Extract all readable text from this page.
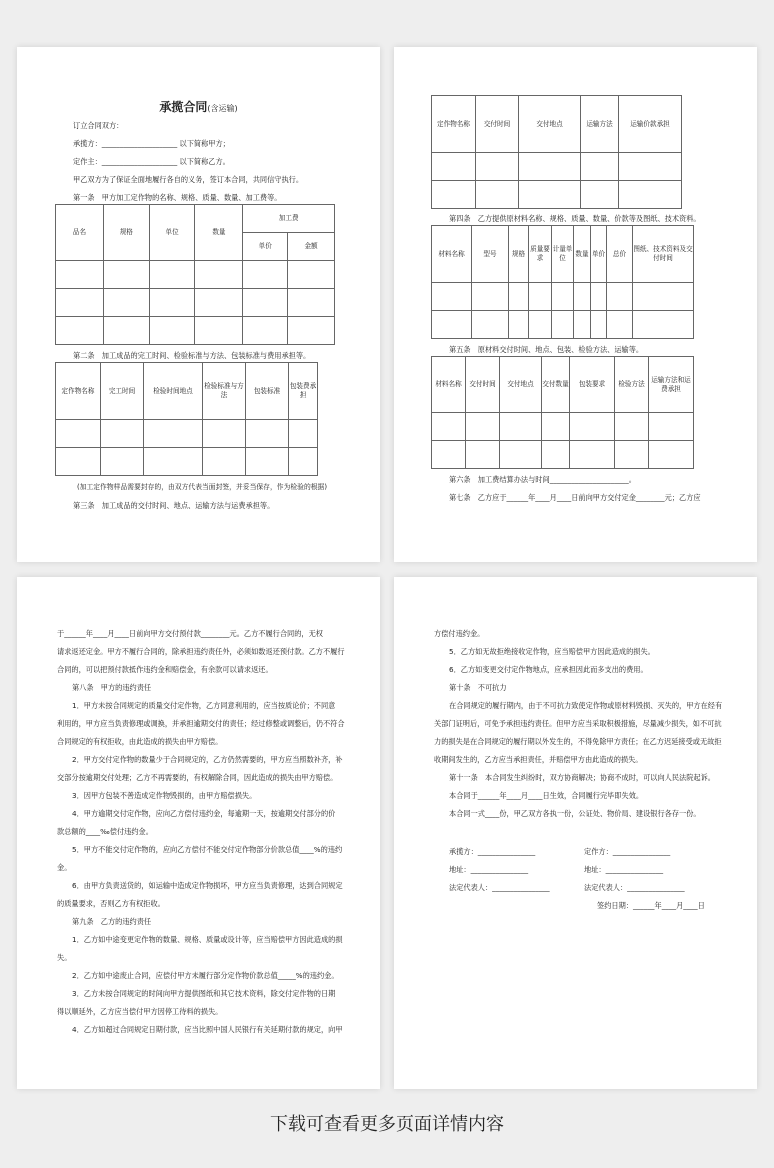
承揽合同(含运输)
订立合同双方：
承揽方：_____________________ 以下简称甲方；
定作主：_____________________ 以下简称乙方。
甲乙双方为了保证全面地履行各自的义务，签订本合同，共同信守执行。
第一条　甲方加工定作物的名称、规格、质量、数量、加工费等。
品名	规格	单位	数量	加工费	
				单价	金额

第二条　加工成品的完工时间、检验标准与方法、包装标准与费用承担等。
定作物名称	完工时间	检验时间地点	检验标准与方法	包装标准	包装费承担

(加工定作物样品需要封存的，由双方代表当面封签，并妥当保存，作为检验的根据)
第三条　加工成品的交付时间、地点、运输方法与运费承担等。
定作物名称	交付时间	交付地点	运输方法	运输价款承担

第四条　乙方提供原材料名称、规格、质量、数量、价款等及图纸、技术资料。
材料名称	型号	规格	质量要求	计量单位	数量	单价	总价	图纸、技术资料及交付时间

第五条　原材料交付时间、地点、包装、检验方法、运输等。
材料名称	交付时间	交付地点	交付数量	包装要求	检验方法	运输方法和运费承担

第六条　加工费结算办法与时间______________________。
第七条　乙方应于______年____月____日前向甲方交付定金________元；乙方应
于______年____月____日前向甲方交付预付款________元。乙方不履行合同的，无权
请求返还定金。甲方不履行合同的，除承担违约责任外，必须如数返还预付款。乙方不履行
合同的，可以把预付款抵作违约金和赔偿金，有余款可以请求返还。
第八条　甲方的违约责任
1．甲方未按合同规定的质量交付定作物，乙方同意利用的，应当按质论价；不同意
利用的，甲方应当负责修理或调换，并承担逾期交付的责任；经过修整或调整后，仍不符合
合同规定的有权拒收，由此造成的损失由甲方赔偿。
2．甲方交付定作物的数量少于合同规定的，乙方仍然需要的，甲方应当照数补齐，补
交部分按逾期交付处理；乙方不再需要的，有权解除合同，因此造成的损失由甲方赔偿。
3．因甲方包装不善造成定作物毁损的，由甲方赔偿损失。
4．甲方逾期交付定作物，应向乙方偿付违约金，每逾期一天，按逾期交付部分的价
款总额的____‰偿付违约金。
5．甲方不能交付定作物的，应向乙方偿付不能交付定作物部分价款总值____%的违约
金。
6．由甲方负责送货的，如运输中造成定作物损坏，甲方应当负责修理，达到合同规定
的质量要求，否则乙方有权拒收。
第九条　乙方的违约责任
1．乙方如中途变更定作物的数量、规格、质量或设计等，应当赔偿甲方因此造成的损
失。
2．乙方如中途废止合同，应偿付甲方未履行部分定作物价款总值_____%的违约金。
3．乙方未按合同规定的时间向甲方提供图纸和其它技术资料，除交付定作物的日期
得以顺延外，乙方应当偿付甲方因停工待料的损失。
4．乙方如超过合同规定日期付款，应当比照中国人民银行有关延期付款的规定，向甲
方偿付违约金。
5．乙方如无故拒绝接收定作物，应当赔偿甲方因此造成的损失。
6．乙方如变更交付定作物地点，应承担因此而多支出的费用。
第十条　不可抗力
在合同规定的履行期内，由于不可抗力致使定作物或原材料毁损、灭失的，甲方在经有
关部门证明后，可免予承担违约责任。但甲方应当采取积极措施，尽量减少损失，如不可抗
力的损失是在合同规定的履行期以外发生的，不得免除甲方责任；在乙方迟延接受或无故拒
收期间发生的，乙方应当承担责任，并赔偿甲方由此造成的损失。
第十一条　本合同发生纠纷时，双方协商解决；协商不成时，可以向人民法院起诉。
本合同于______年____月____日生效，合同履行完毕即失效。
本合同一式____份，甲乙双方各执一份，公证处、物价局、建设银行各存一份。
承揽方：________________
地址：________________
法定代表人：________________
定作方：________________
地址：________________
法定代表人：________________
签约日期：______年____月____日
下载可查看更多页面详情内容
